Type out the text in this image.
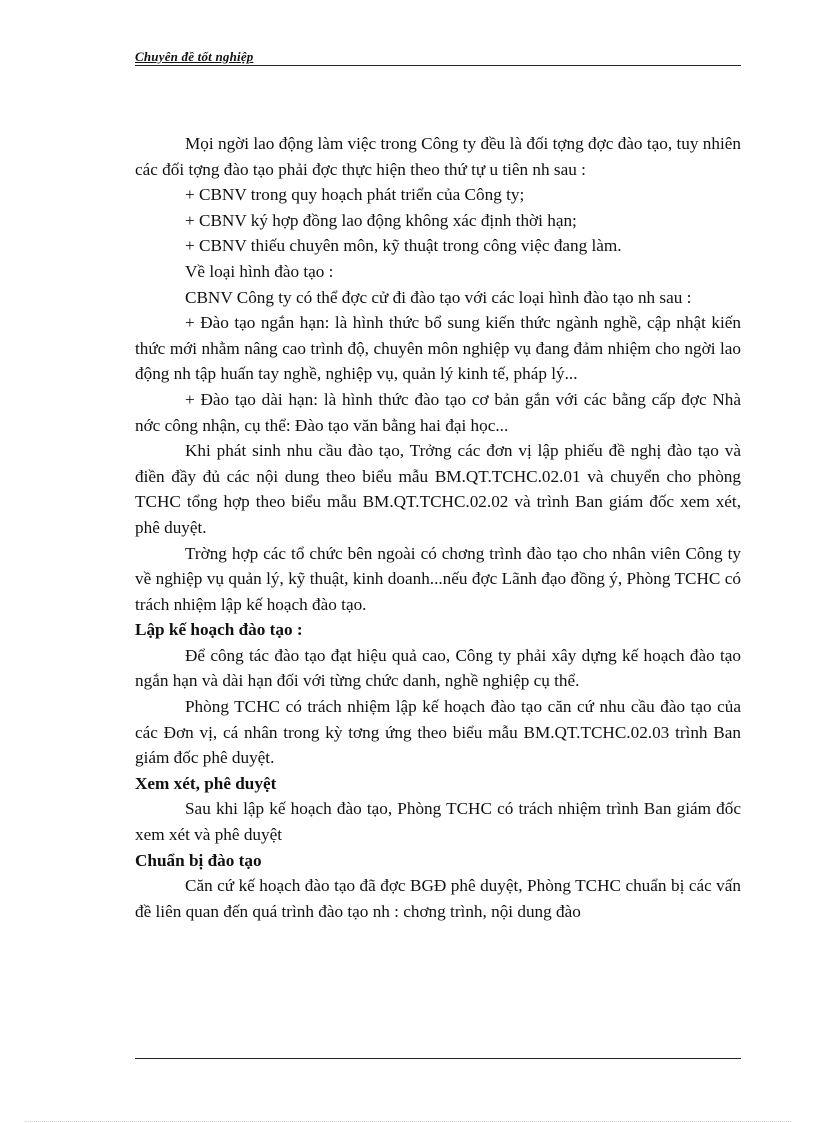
Chuyên đề tốt nghiệp

Mọi ngời lao động làm việc trong Công ty đều là đối tợng đợc đào tạo, tuy nhiên các đối tợng đào tạo phải đợc thực hiện theo thứ tự u tiên nh sau :

+ CBNV trong quy hoạch phát triển của Công ty;

+ CBNV ký hợp đồng lao động không xác định thời hạn;

+ CBNV thiếu chuyên môn, kỹ thuật trong công việc đang làm.

Về loại hình đào tạo :

CBNV Công ty có thể đợc cử đi đào tạo với các loại hình đào tạo nh sau :

+ Đào tạo ngắn hạn: là hình thức bổ sung kiến thức ngành nghề, cập nhật kiến thức mới nhằm nâng cao trình độ, chuyên môn nghiệp vụ đang đảm nhiệm cho ngời lao động nh tập huấn tay nghề, nghiệp vụ, quản lý kinh tế, pháp lý...

+ Đào tạo dài hạn: là hình thức đào tạo cơ bản gắn với các bằng cấp đợc Nhà nớc công nhận, cụ thể: Đào tạo văn bằng hai đại học...

Khi phát sinh nhu cầu đào tạo, Trởng các đơn vị lập phiếu đề nghị đào tạo và điền đầy đủ các nội dung theo biểu mẫu BM.QT.TCHC.02.01 và chuyển cho phòng TCHC tổng hợp theo biểu mẫu BM.QT.TCHC.02.02 và trình Ban giám đốc xem xét, phê duyệt.

Trờng hợp các tổ chức bên ngoài có chơng trình đào tạo cho nhân viên Công ty về nghiệp vụ quản lý, kỹ thuật, kinh doanh...nếu đợc Lãnh đạo đồng ý, Phòng TCHC có trách nhiệm lập kế hoạch đào tạo.

Lập kế hoạch đào tạo :

Để công tác đào tạo đạt hiệu quả cao, Công ty phải xây dựng kế hoạch đào tạo ngắn hạn và dài hạn đối với từng chức danh, nghề nghiệp cụ thể.

Phòng TCHC có trách nhiệm lập kế hoạch đào tạo căn cứ nhu cầu đào tạo của các Đơn vị, cá nhân trong kỳ tơng ứng theo biểu mẫu BM.QT.TCHC.02.03 trình Ban giám đốc phê duyệt.

Xem xét, phê duyệt

Sau khi lập kế hoạch đào tạo, Phòng TCHC có trách nhiệm trình Ban giám đốc xem xét và phê duyệt

Chuẩn bị đào tạo

Căn cứ kế hoạch đào tạo đã đợc BGĐ phê duyệt, Phòng TCHC chuẩn bị các vấn đề liên quan đến quá trình đào tạo nh : chơng trình, nội dung đào
